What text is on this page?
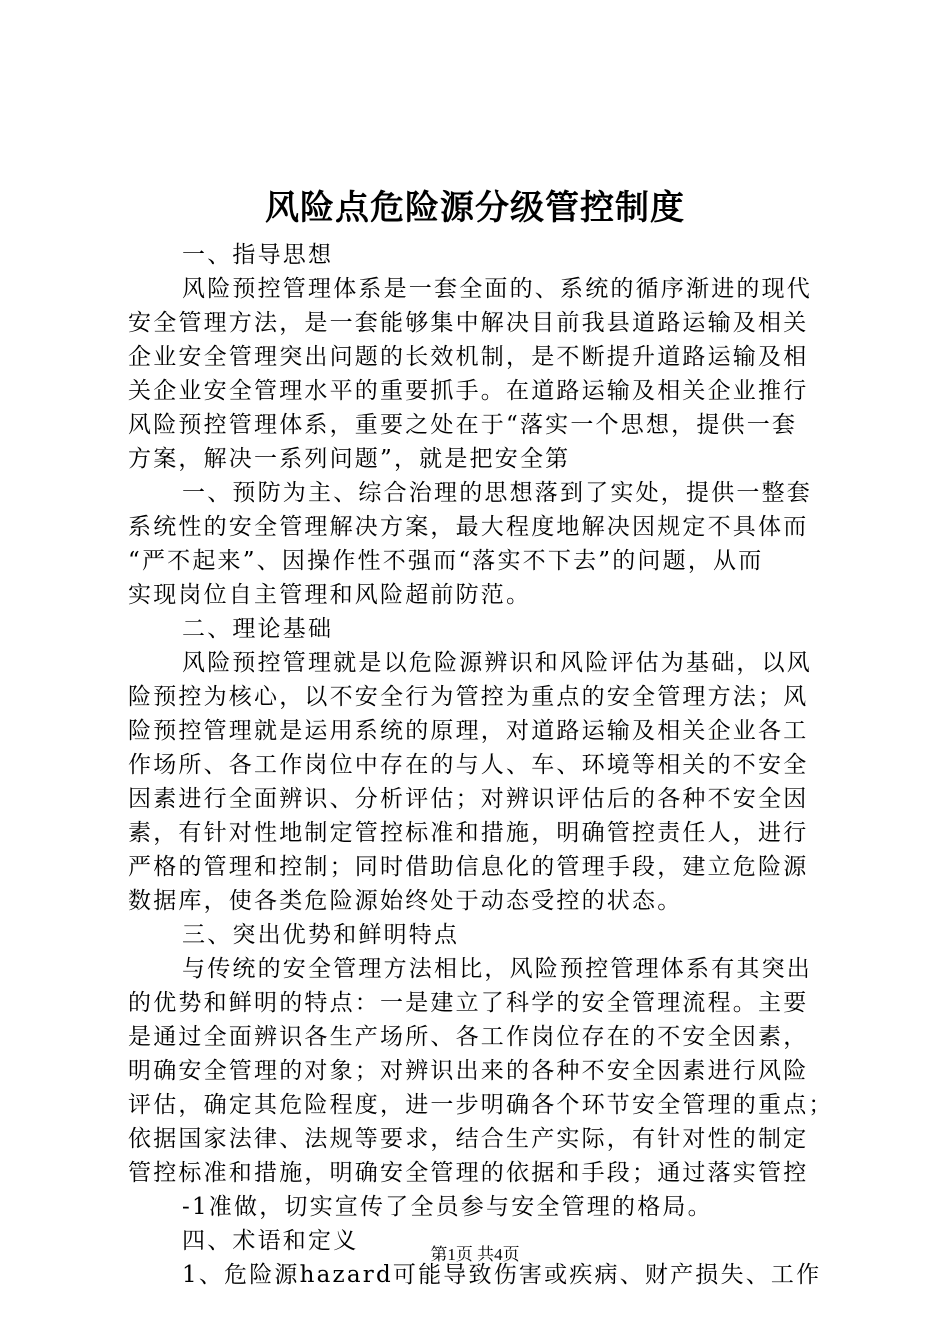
风险点危险源分级管控制度
一、指导思想
风险预控管理体系是一套全面的、系统的循序渐进的现代
安全管理方法，是一套能够集中解决目前我县道路运输及相关
企业安全管理突出问题的长效机制，是不断提升道路运输及相
关企业安全管理水平的重要抓手。在道路运输及相关企业推行
风险预控管理体系，重要之处在于“落实一个思想，提供一套
方案，解决一系列问题”，就是把安全第
一、预防为主、综合治理的思想落到了实处，提供一整套
系统性的安全管理解决方案，最大程度地解决因规定不具体而
“严不起来”、因操作性不强而“落实不下去”的问题，从而
实现岗位自主管理和风险超前防范。
二、理论基础
风险预控管理就是以危险源辨识和风险评估为基础，以风
险预控为核心，以不安全行为管控为重点的安全管理方法；风
险预控管理就是运用系统的原理，对道路运输及相关企业各工
作场所、各工作岗位中存在的与人、车、环境等相关的不安全
因素进行全面辨识、分析评估；对辨识评估后的各种不安全因
素，有针对性地制定管控标准和措施，明确管控责任人，进行
严格的管理和控制；同时借助信息化的管理手段，建立危险源
数据库，使各类危险源始终处于动态受控的状态。
三、突出优势和鲜明特点
与传统的安全管理方法相比，风险预控管理体系有其突出
的优势和鲜明的特点：一是建立了科学的安全管理流程。主要
是通过全面辨识各生产场所、各工作岗位存在的不安全因素，
明确安全管理的对象；对辨识出来的各种不安全因素进行风险
评估，确定其危险程度，进一步明确各个环节安全管理的重点；
依据国家法律、法规等要求，结合生产实际，有针对性的制定
管控标准和措施，明确安全管理的依据和手段；通过落实管控
-1准做，切实宣传了全员参与安全管理的格局。
四、术语和定义
1、危险源hazard可能导致伤害或疾病、财产损失、工作
第1页 共4页
